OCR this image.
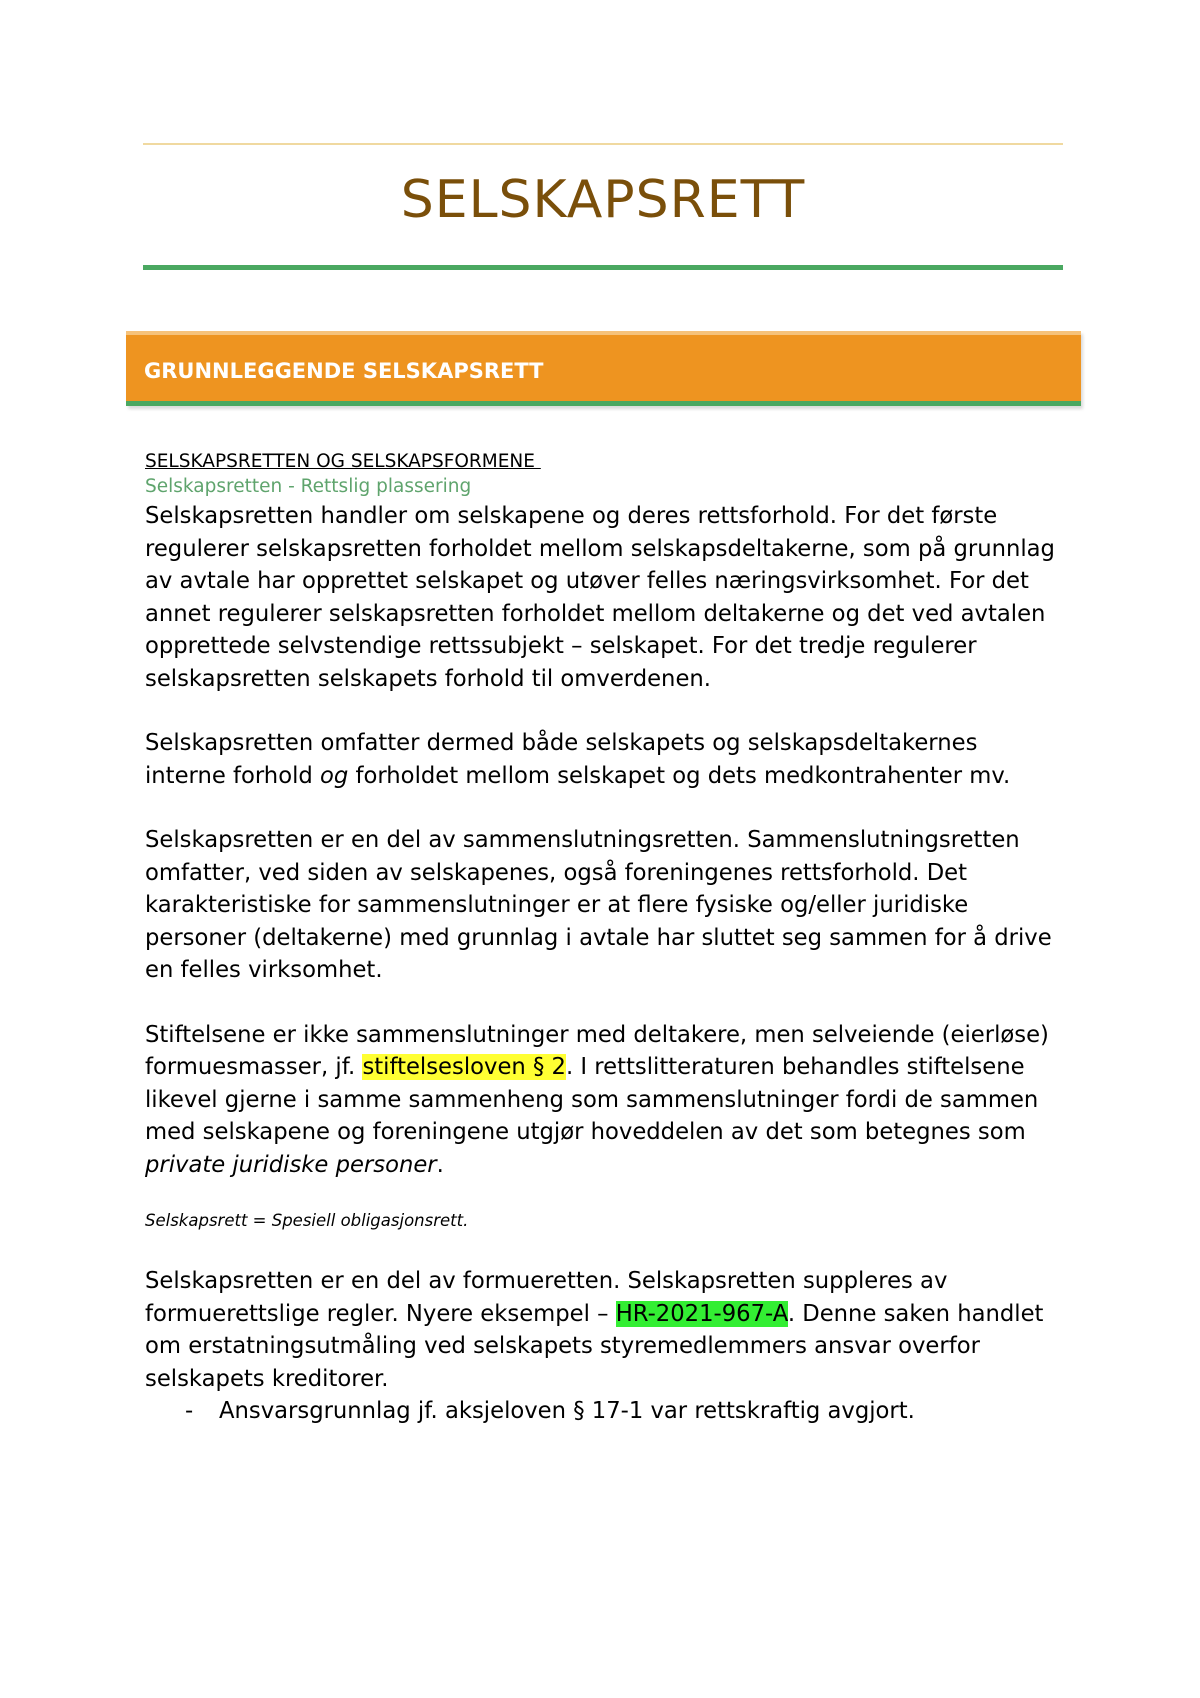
SELSKAPSRETT
GRUNNLEGGENDE SELSKAPSRETT

SELSKAPSRETTEN OG SELSKAPSFORMENE

Selskapsretten - Rettslig plassering

Selskapsretten handler om selskapene og deres rettsforhold. For det første regulerer selskapsretten forholdet mellom selskapsdeltakerne, som på grunnlag av avtale har opprettet selskapet og utøver felles næringsvirksomhet. For det annet regulerer selskapsretten forholdet mellom deltakerne og det ved avtalen opprettede selvstendige rettssubjekt – selskapet. For det tredje regulerer selskapsretten selskapets forhold til omverdenen.

Selskapsretten omfatter dermed både selskapets og selskapsdeltakernes interne forhold og forholdet mellom selskapet og dets medkontrahenter mv.

Selskapsretten er en del av sammenslutningsretten. Sammenslutningsretten omfatter, ved siden av selskapenes, også foreningenes rettsforhold. Det karakteristiske for sammenslutninger er at flere fysiske og/eller juridiske personer (deltakerne) med grunnlag i avtale har sluttet seg sammen for å drive en felles virksomhet.

Stiftelsene er ikke sammenslutninger med deltakere, men selveiende (eierløse) formuesmasser, jf. stiftelsesloven § 2. I rettslitteraturen behandles stiftelsene likevel gjerne i samme sammenheng som sammenslutninger fordi de sammen med selskapene og foreningene utgjør hoveddelen av det som betegnes som private juridiske personer.

Selskapsrett = Spesiell obligasjonsrett.

Selskapsretten er en del av formueretten. Selskapsretten suppleres av formuerettslige regler. Nyere eksempel – HR-2021-967-A. Denne saken handlet om erstatningsutmåling ved selskapets styremedlemmers ansvar overfor selskapets kreditorer.

-	Ansvarsgrunnlag jf. aksjeloven § 17-1 var rettskraftig avgjort.
